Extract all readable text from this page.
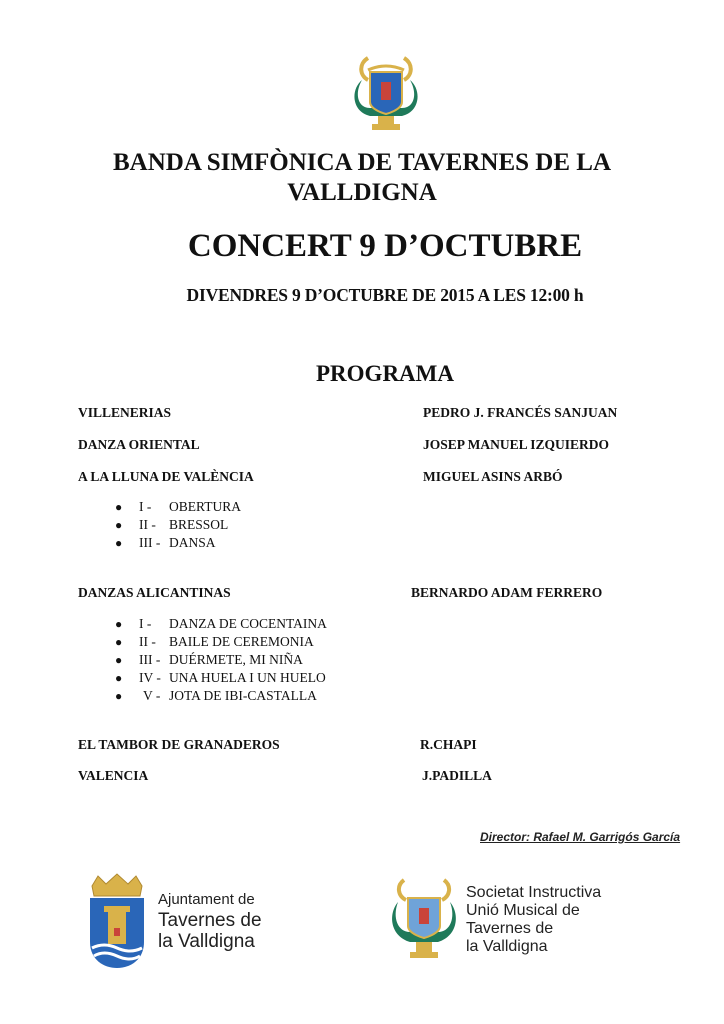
BANDA SIMFÒNICA DE TAVERNES DE LA
VALLDIGNA
CONCERT 9 D’OCTUBRE
DIVENDRES 9 D’OCTUBRE DE 2015 A LES 12:00 h
PROGRAMA
VILLENERIAS	PEDRO J. FRANCÉS SANJUAN
DANZA ORIENTAL	JOSEP MANUEL IZQUIERDO
A LA LLUNA DE VALÈNCIA	MIGUEL ASINS ARBÓ
● I - OBERTURA
● II - BRESSOL
● III - DANSA
DANZAS ALICANTINAS	BERNARDO ADAM FERRERO
● I - DANZA DE COCENTAINA
● II - BAILE DE CEREMONIA
● III - DUÉRMETE, MI NIÑA
● IV - UNA HUELA I UN HUELO
● V - JOTA DE IBI-CASTALLA
EL TAMBOR DE GRANADEROS	R.CHAPI
VALENCIA	J.PADILLA
Director: Rafael M. Garrigós García
Ajuntament de
Tavernes de
la Valldigna
Societat Instructiva
Unió Musical de
Tavernes de
la Valldigna
